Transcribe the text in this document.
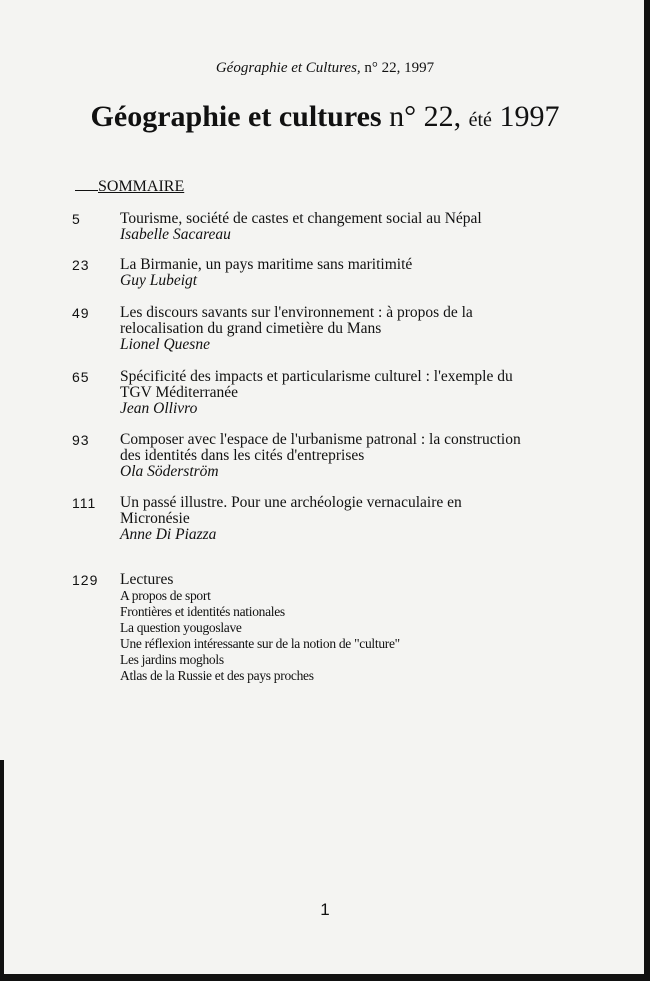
Géographie et Cultures, n° 22, 1997
Géographie et cultures n° 22, été 1997
SOMMAIRE
5	Tourisme, société de castes et changement social au Népal
Isabelle Sacareau
23	La Birmanie, un pays maritime sans maritimité
Guy Lubeigt
49	Les discours savants sur l'environnement : à propos de la
relocalisation du grand cimetière du Mans
Lionel Quesne
65	Spécificité des impacts et particularisme culturel : l'exemple du
TGV Méditerranée
Jean Ollivro
93	Composer avec l'espace de l'urbanisme patronal : la construction
des identités dans les cités d'entreprises
Ola Söderström
111	Un passé illustre. Pour une archéologie vernaculaire en
Micronésie
Anne Di Piazza
129	Lectures
A propos de sport
Frontières et identités nationales
La question yougoslave
Une réflexion intéressante sur de la notion de "culture"
Les jardins moghols
Atlas de la Russie et des pays proches
1
